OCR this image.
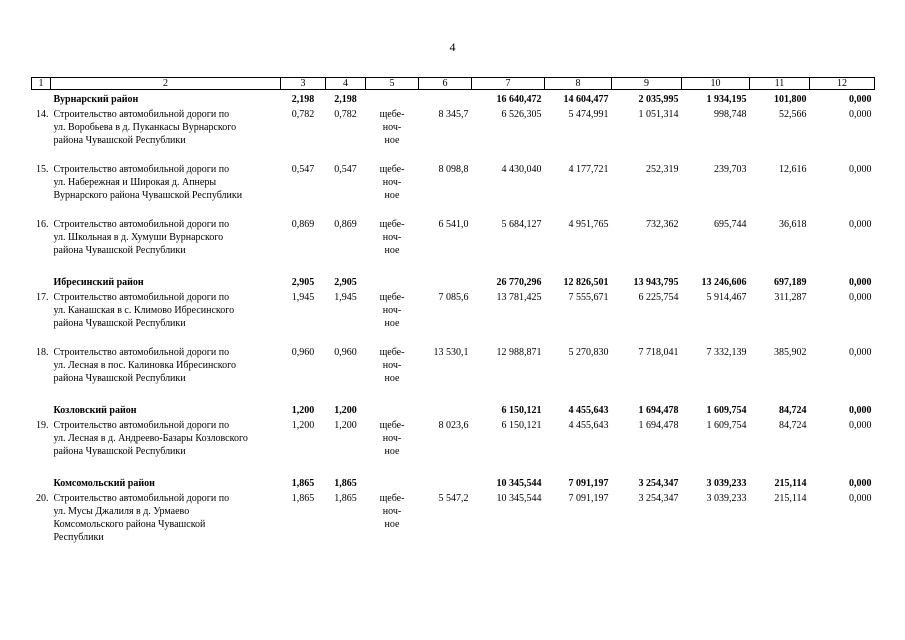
4
1	2	3	4	5	6	7	8	9	10	11	12
	Вурнарский район	2,198	2,198			16 640,472	14 604,477	2 035,995	1 934,195	101,800	0,000
14.	Строительство автомобильной дороги по
ул. Воробьева в д. Пуканкасы Вурнарского
района Чувашской Республики	0,782	0,782	щебе-
ноч-
ное	8 345,7	6 526,305	5 474,991	1 051,314	998,748	52,566	0,000
15.	Строительство автомобильной дороги по
ул. Набережная и Широкая д. Апнеры
Вурнарского района Чувашской Республики	0,547	0,547	щебе-
ноч-
ное	8 098,8	4 430,040	4 177,721	252,319	239,703	12,616	0,000
16.	Строительство автомобильной дороги по
ул. Школьная в д. Хумуши Вурнарского
района Чувашской Республики	0,869	0,869	щебе-
ноч-
ное	6 541,0	5 684,127	4 951,765	732,362	695,744	36,618	0,000
	Ибресинский район	2,905	2,905			26 770,296	12 826,501	13 943,795	13 246,606	697,189	0,000
17.	Строительство автомобильной дороги по
ул. Канашская в с. Климово Ибресинского
района Чувашской Республики	1,945	1,945	щебе-
ноч-
ное	7 085,6	13 781,425	7 555,671	6 225,754	5 914,467	311,287	0,000
18.	Строительство автомобильной дороги по
ул. Лесная в пос. Калиновка Ибресинского
района Чувашской Республики	0,960	0,960	щебе-
ноч-
ное	13 530,1	12 988,871	5 270,830	7 718,041	7 332,139	385,902	0,000
	Козловский район	1,200	1,200			6 150,121	4 455,643	1 694,478	1 609,754	84,724	0,000
19.	Строительство автомобильной дороги по
ул. Лесная в д. Андреево-Базары Козловского
района Чувашской Республики	1,200	1,200	щебе-
ноч-
ное	8 023,6	6 150,121	4 455,643	1 694,478	1 609,754	84,724	0,000
	Комсомольский район	1,865	1,865			10 345,544	7 091,197	3 254,347	3 039,233	215,114	0,000
20.	Строительство автомобильной дороги по
ул. Мусы Джалиля в д. Урмаево
Комсомольского района Чувашской
Республики	1,865	1,865	щебе-
ноч-
ное	5 547,2	10 345,544	7 091,197	3 254,347	3 039,233	215,114	0,000
